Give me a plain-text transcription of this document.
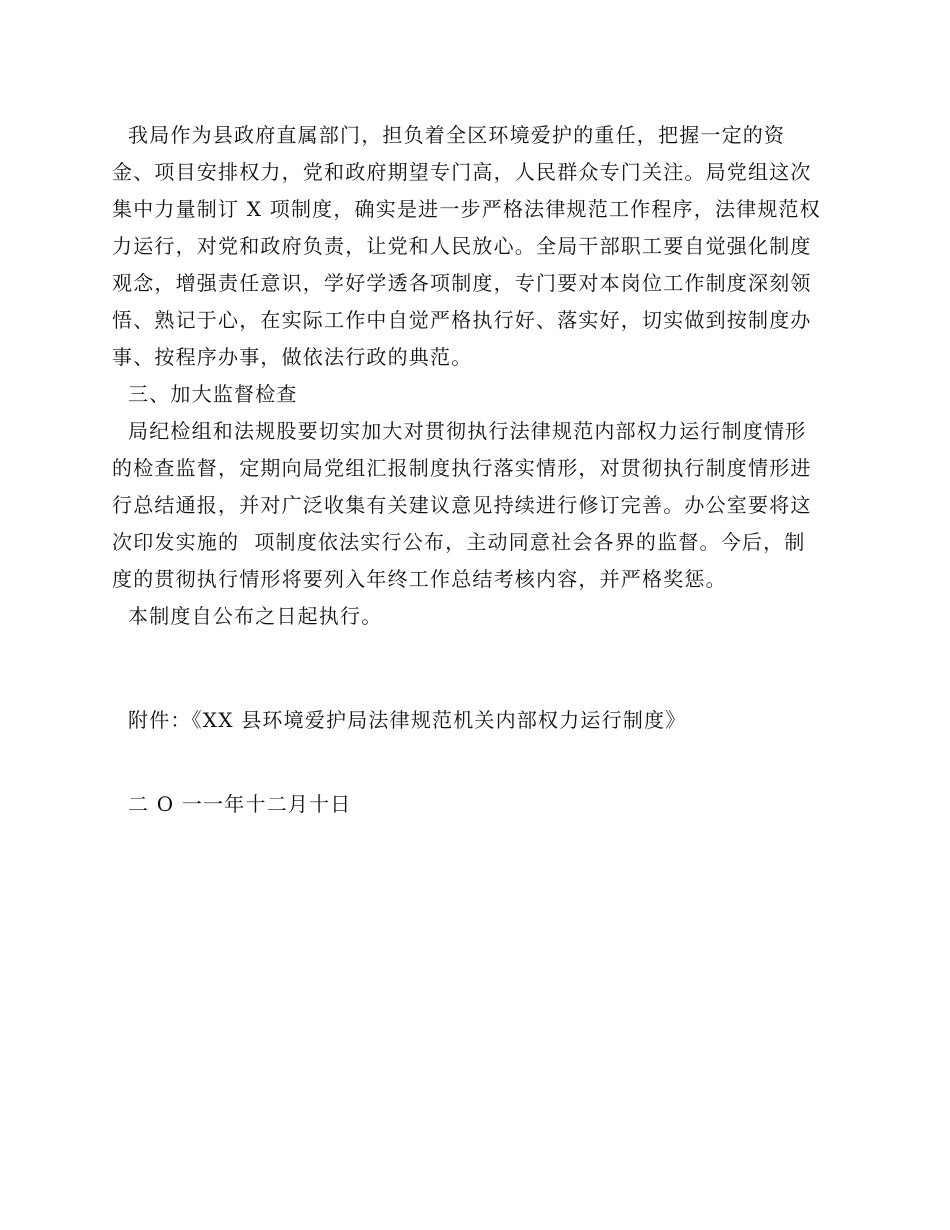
我局作为县政府直属部门，担负着全区环境爱护的重任，把握一定的资
金、项目安排权力，党和政府期望专门高，人民群众专门关注。局党组这次
集中力量制订 X 项制度，确实是进一步严格法律规范工作程序，法律规范权
力运行，对党和政府负责，让党和人民放心。全局干部职工要自觉强化制度
观念，增强责任意识，学好学透各项制度，专门要对本岗位工作制度深刻领
悟、熟记于心，在实际工作中自觉严格执行好、落实好，切实做到按制度办
事、按程序办事，做依法行政的典范。
三、加大监督检查
局纪检组和法规股要切实加大对贯彻执行法律规范内部权力运行制度情形
的检查监督，定期向局党组汇报制度执行落实情形，对贯彻执行制度情形进
行总结通报，并对广泛收集有关建议意见持续进行修订完善。办公室要将这
次印发实施的  项制度依法实行公布，主动同意社会各界的监督。今后，制
度的贯彻执行情形将要列入年终工作总结考核内容，并严格奖惩。
本制度自公布之日起执行。
附件：《XX 县环境爱护局法律规范机关内部权力运行制度》
二 O 一一年十二月十日
